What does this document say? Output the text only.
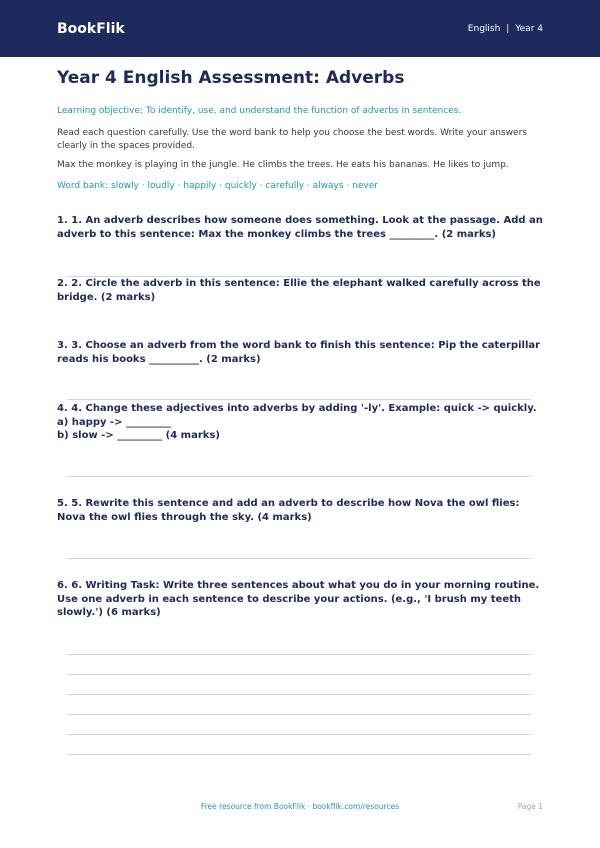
BookFlik	English | Year 4
Year 4 English Assessment: Adverbs
Learning objective: To identify, use, and understand the function of adverbs in sentences.
Read each question carefully. Use the word bank to help you choose the best words. Write your answers clearly in the spaces provided.
Max the monkey is playing in the jungle. He climbs the trees. He eats his bananas. He likes to jump.
Word bank: slowly · loudly · happily · quickly · carefully · always · never
1. 1. An adverb describes how someone does something. Look at the passage. Add an adverb to this sentence: Max the monkey climbs the trees _________. (2 marks)
2. 2. Circle the adverb in this sentence: Ellie the elephant walked carefully across the bridge. (2 marks)
3. 3. Choose an adverb from the word bank to finish this sentence: Pip the caterpillar reads his books __________. (2 marks)
4. 4. Change these adjectives into adverbs by adding '-ly'. Example: quick -> quickly.
a) happy -> _________
b) slow -> _________ (4 marks)
5. 5. Rewrite this sentence and add an adverb to describe how Nova the owl flies: Nova the owl flies through the sky. (4 marks)
6. 6. Writing Task: Write three sentences about what you do in your morning routine. Use one adverb in each sentence to describe your actions. (e.g., 'I brush my teeth slowly.') (6 marks)
Free resource from BookFlik · bookflik.com/resources	Page 1
